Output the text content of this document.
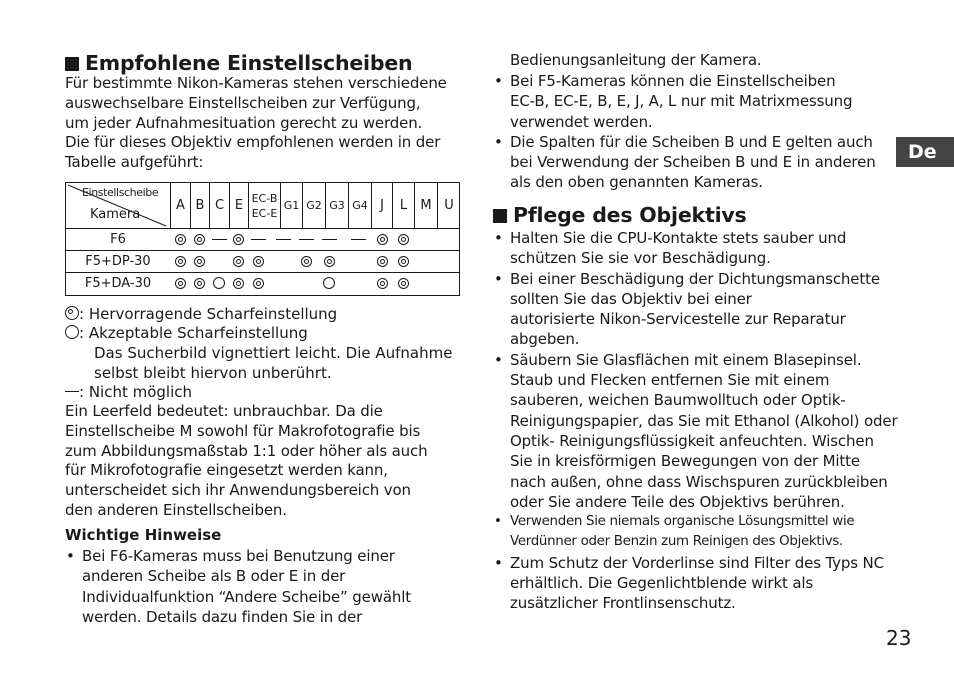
Empfohlene Einstellscheiben
Für bestimmte Nikon-Kameras stehen verschiedene
auswechselbare Einstellscheiben zur Verfügung,
um jeder Aufnahmesituation gerecht zu werden.
Die für dieses Objektiv empfohlenen werden in der
Tabelle aufgeführt:
Einstellscheibe
Kamera
A B C E EC-B
EC-E
G1 G2 G3 G4 J	L	M U
F6
F5+DP-30
F5+DA-30
: Hervorragende Scharfeinstellung
: Akzeptable Scharfeinstellung
Das Sucherbild vignettiert leicht. Die Aufnahme
selbst bleibt hiervon unberührt.
: Nicht möglich
Ein Leerfeld bedeutet: unbrauchbar. Da die
Einstellscheibe M sowohl für Makrofotografie bis
zum Abbildungsmaßstab 1:1 oder höher als auch
für Mikrofotografie eingesetzt werden kann,
unterscheidet sich ihr Anwendungsbereich von
den anderen Einstellscheiben.
Wichtige Hinweise
• Bei F6-Kameras muss bei Benutzung einer
anderen Scheibe als B oder E in der
Individualfunktion “Andere Scheibe” gewählt
werden. Details dazu finden Sie in der
Bedienungsanleitung der Kamera.
• Bei F5-Kameras können die Einstellscheiben
EC-B, EC-E, B, E, J, A, L nur mit Matrixmessung
verwendet werden.
• Die Spalten für die Scheiben B und E gelten auch
bei Verwendung der Scheiben B und E in anderen
als den oben genannten Kameras.
Pflege des Objektivs
• Halten Sie die CPU-Kontakte stets sauber und
schützen Sie sie vor Beschädigung.
• Bei einer Beschädigung der Dichtungsmanschette
sollten Sie das Objektiv bei einer
autorisierte Nikon-Servicestelle zur Reparatur
abgeben.
• Säubern Sie Glasflächen mit einem Blasepinsel.
Staub und Flecken entfernen Sie mit einem
sauberen, weichen Baumwolltuch oder Optik-
Reinigungspapier, das Sie mit Ethanol (Alkohol) oder
Optik- Reinigungsflüssigkeit anfeuchten. Wischen
Sie in kreisförmigen Bewegungen von der Mitte
nach außen, ohne dass Wischspuren zurückbleiben
oder Sie andere Teile des Objektivs berühren.
• Verwenden Sie niemals organische Lösungsmittel wie
Verdünner oder Benzin zum Reinigen des Objektivs.
• Zum Schutz der Vorderlinse sind Filter des Typs NC
erhältlich. Die Gegenlichtblende wirkt als
zusätzlicher Frontlinsenschutz.
De
23
